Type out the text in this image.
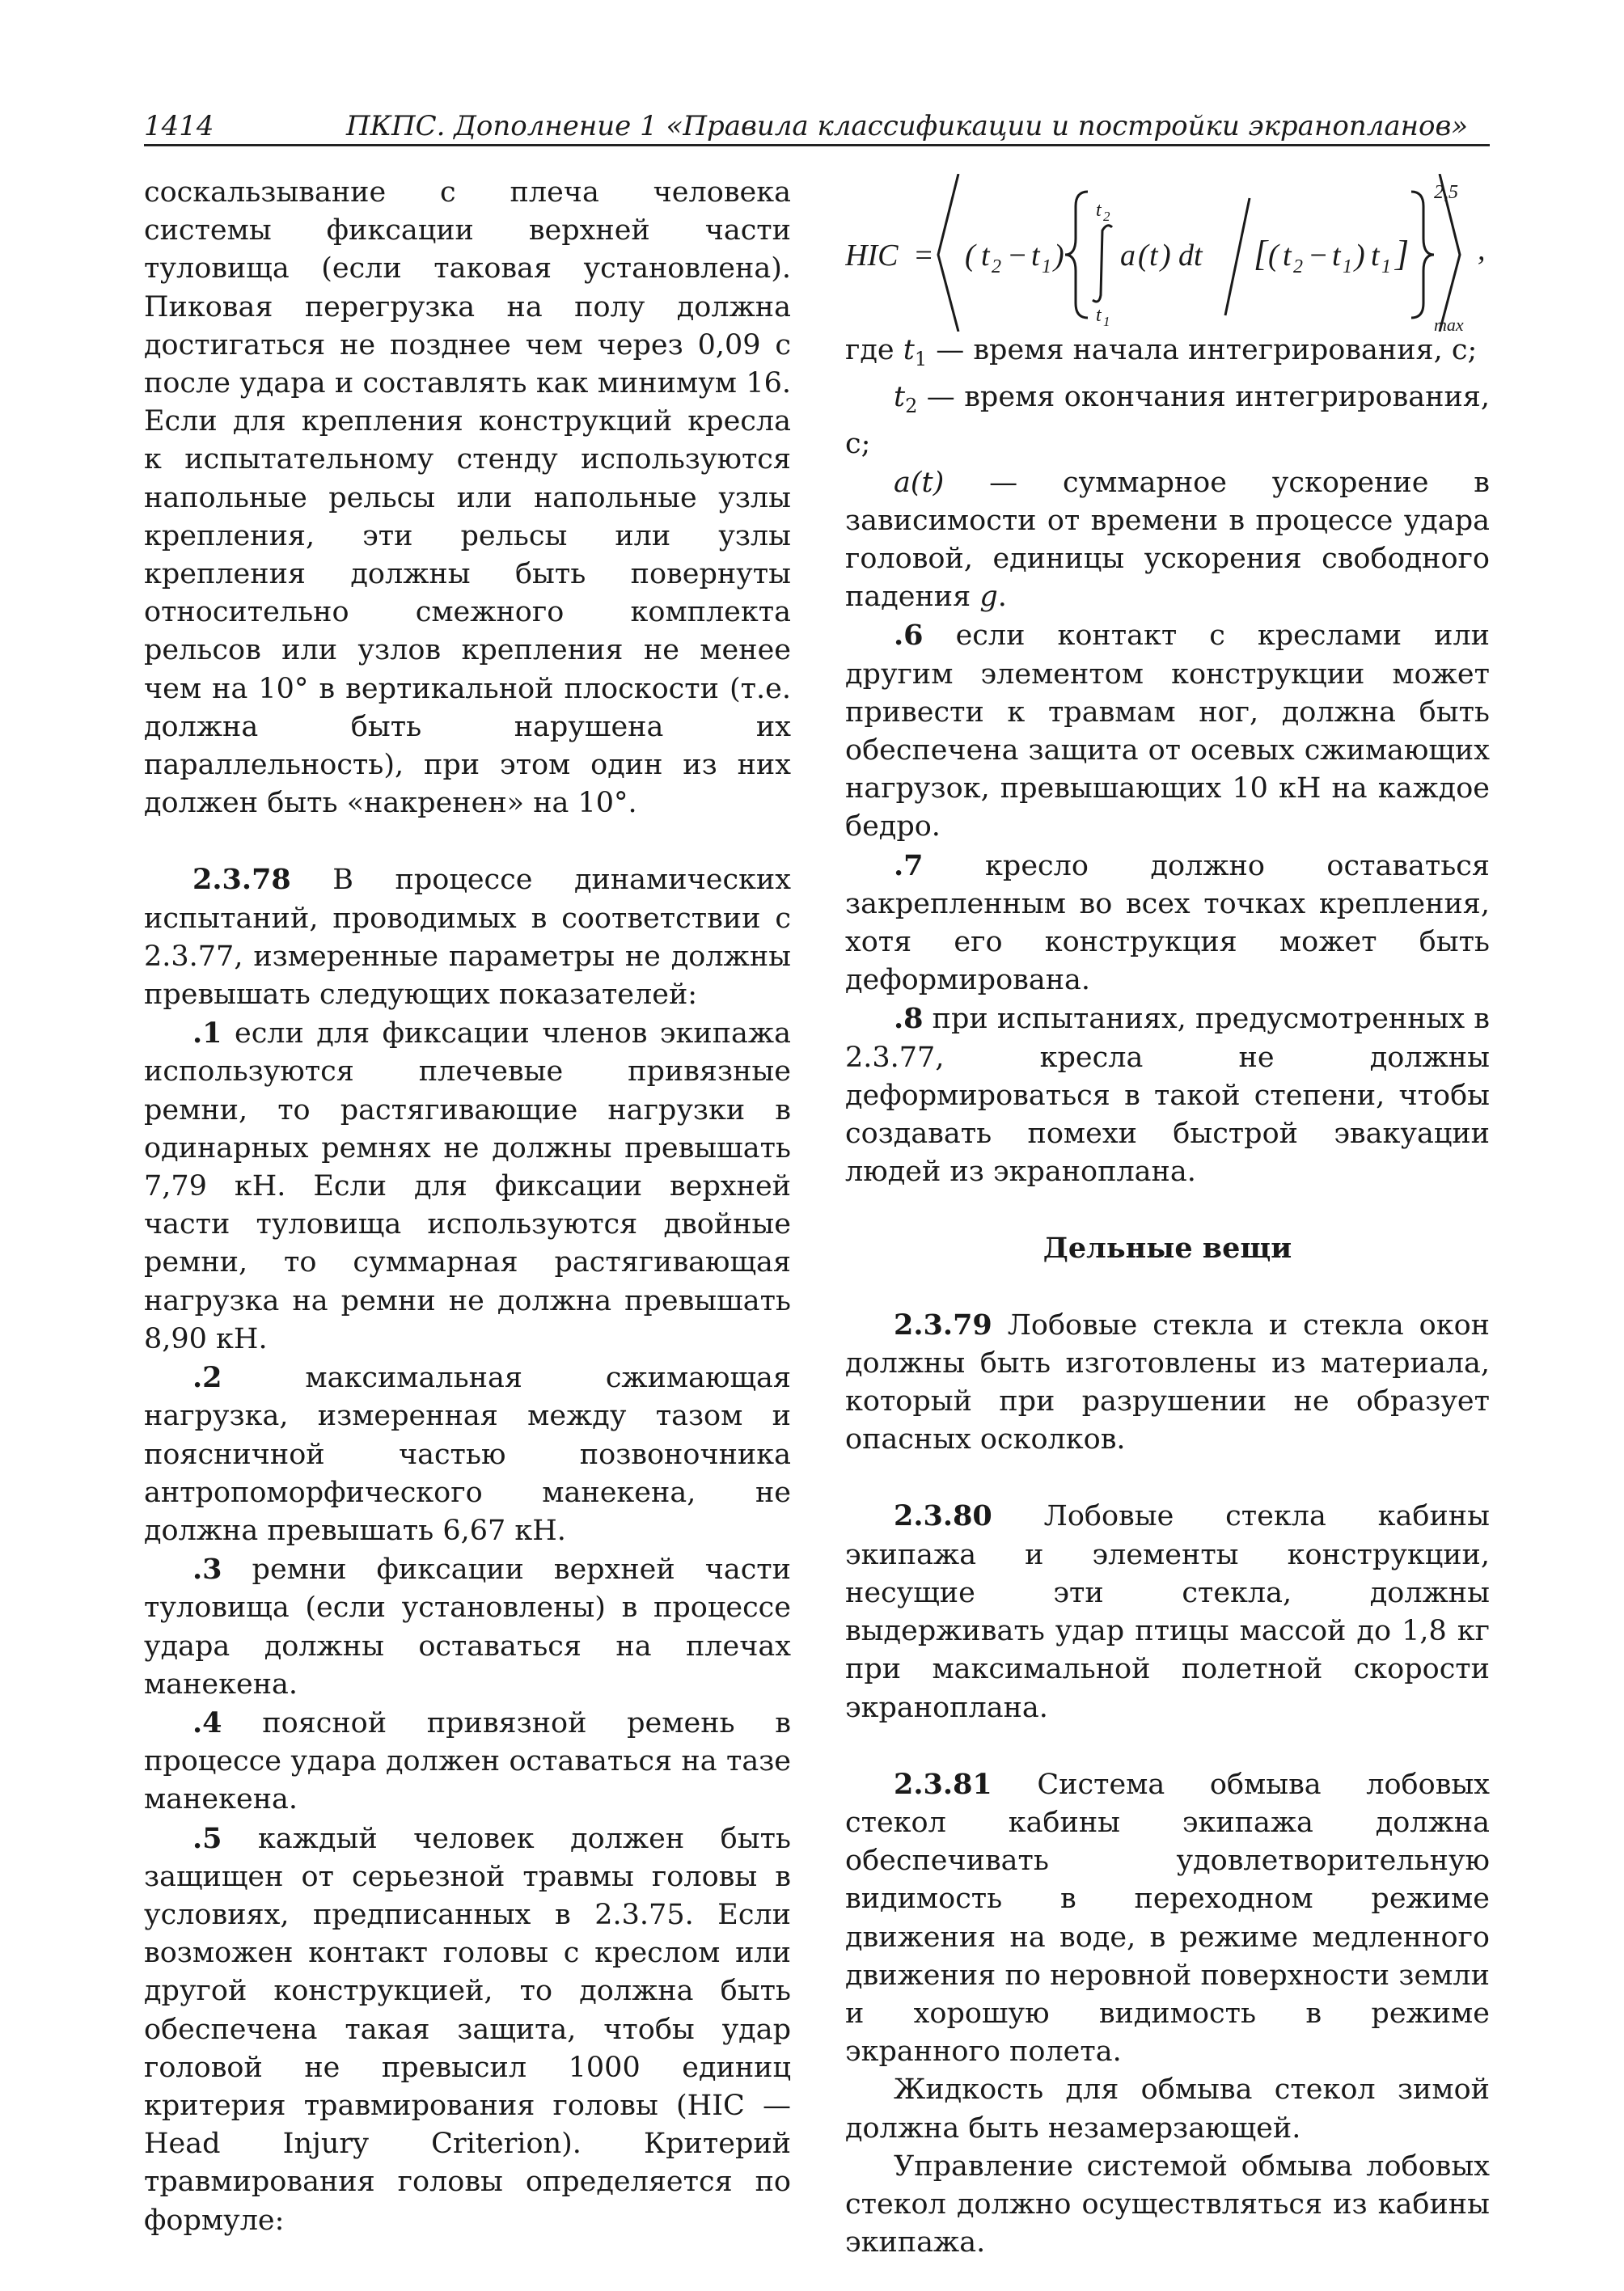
1414	ПКПС. Дополнение 1 «Правила классификации и постройки экранопланов»

соскальзывание с плеча человека системы фиксации верхней части туловища (если таковая установлена). Пиковая перегрузка на полу должна достигаться не позднее чем через 0,09 с после удара и составлять как минимум 16. Если для крепления конструкций кресла к испытательному стенду используются напольные рельсы или напольные узлы крепления, эти рельсы или узлы крепления должны быть повернуты относительно смежного комплекта рельсов или узлов крепления не менее чем на 10° в вертикальной плоскости (т.е. должна быть нарушена их параллельность), при этом один из них должен быть «накренен» на 10°.

2.3.78 В процессе динамических испытаний, проводимых в соответствии с 2.3.77, измеренные параметры не должны превышать следующих показателей:

.1 если для фиксации членов экипажа используются плечевые привязные ремни, то растягивающие нагрузки в одинарных ремнях не должны превышать 7,79 кН. Если для фиксации верхней части туловища используются двойные ремни, то суммарная растягивающая нагрузка на ремни не должна превышать 8,90 кН.

.2 максимальная сжимающая нагрузка, измеренная между тазом и поясничной частью позвоночника антропоморфического манекена, не должна превышать 6,67 кН.

.3 ремни фиксации верхней части туловища (если установлены) в процессе удара должны оставаться на плечах манекена.

.4 поясной привязной ремень в процессе удара должен оставаться на тазе манекена.

.5 каждый человек должен быть защищен от серьезной травмы головы в условиях, предписанных в 2.3.75. Если возможен контакт головы с креслом или другой конструкцией, то должна быть обеспечена такая защита, чтобы удар головой не превысил 1000 единиц критерия травмирования головы (HIC — Head Injury Criterion). Критерий травмирования головы определяется по формуле:

HIC = ( t 2 − t 1 )
t 2
t 1
a ( t ) dt [ ( t 2 − t 1 ) t 1 ]
2,5
max
,

где $t_1$ — время начала интегрирования, с;

$t_2$ — время окончания интегрирования, с;

a(t) — суммарное ускорение в зависимости от времени в процессе удара головой, единицы ускорения свободного падения g.

.6 если контакт с креслами или другим элементом конструкции может привести к травмам ног, должна быть обеспечена защита от осевых сжимающих нагрузок, превышающих 10 кН на каждое бедро.

.7 кресло должно оставаться закрепленным во всех точках крепления, хотя его конструкция может быть деформирована.

.8 при испытаниях, предусмотренных в 2.3.77, кресла не должны деформироваться в такой степени, чтобы создавать помехи быстрой эвакуации людей из экраноплана.

Дельные вещи

2.3.79 Лобовые стекла и стекла окон должны быть изготовлены из материала, который при разрушении не образует опасных осколков.

2.3.80 Лобовые стекла кабины экипажа и элементы конструкции, несущие эти стекла, должны выдерживать удар птицы массой до 1,8 кг при максимальной полетной скорости экраноплана.

2.3.81 Система обмыва лобовых стекол кабины экипажа должна обеспечивать удовлетворительную видимость в переходном режиме движения на воде, в режиме медленного движения по неровной поверхности земли и хорошую видимость в режиме экранного полета.

Жидкость для обмыва стекол зимой должна быть незамерзающей.

Управление системой обмыва лобовых стекол должно осуществляться из кабины экипажа.
